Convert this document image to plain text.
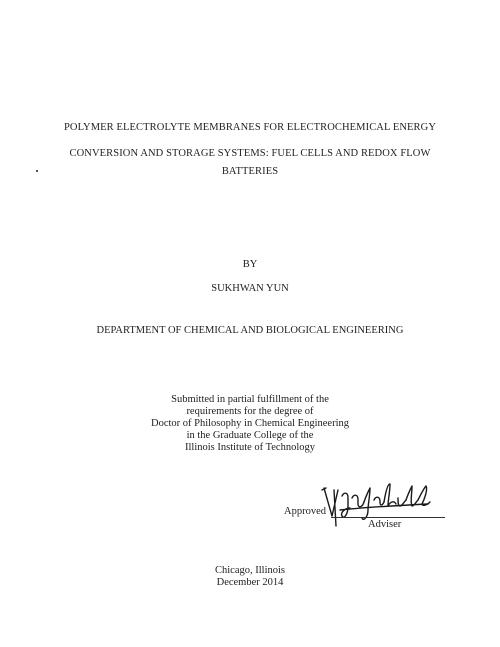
POLYMER ELECTROLYTE MEMBRANES FOR ELECTROCHEMICAL ENERGY
CONVERSION AND STORAGE SYSTEMS: FUEL CELLS AND REDOX FLOW
BATTERIES
BY
SUKHWAN YUN
DEPARTMENT OF CHEMICAL AND BIOLOGICAL ENGINEERING
Submitted in partial fulfillment of the
requirements for the degree of
Doctor of Philosophy in Chemical Engineering
in the Graduate College of the
Illinois Institute of Technology
Approved
Adviser
Chicago, Illinois
December 2014
